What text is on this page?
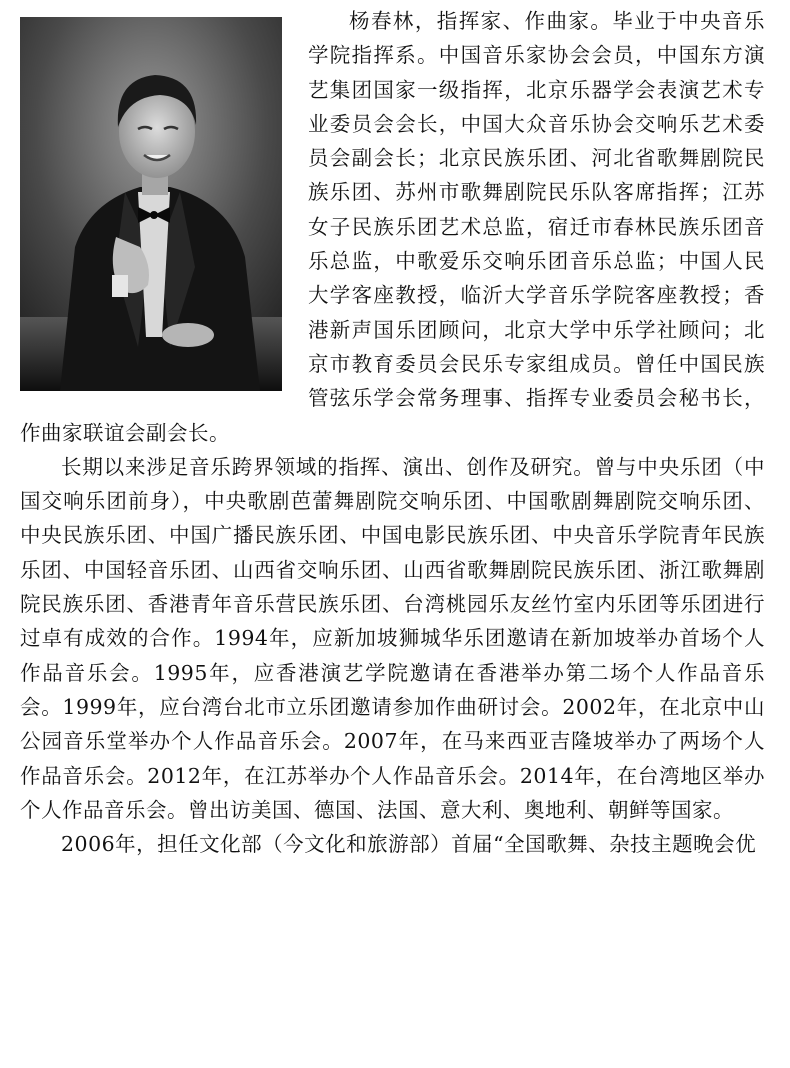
杨春林，指挥家、作曲家。毕业于中央音乐学院指挥系。中国音乐家协会会员，中国东方演艺集团国家一级指挥，北京乐器学会表演艺术专业委员会会长，中国大众音乐协会交响乐艺术委员会副会长；北京民族乐团、河北省歌舞剧院民族乐团、苏州市歌舞剧院民乐队客席指挥；江苏女子民族乐团艺术总监，宿迁市春林民族乐团音乐总监，中歌爱乐交响乐团音乐总监；中国人民大学客座教授，临沂大学音乐学院客座教授；香港新声国乐团顾问，北京大学中乐学社顾问；北京市教育委员会民乐专家组成员。曾任中国民族管弦乐学会常务理事、指挥专业委员会秘书长，作曲家联谊会副会长。

长期以来涉足音乐跨界领域的指挥、演出、创作及研究。曾与中央乐团（中国交响乐团前身），中央歌剧芭蕾舞剧院交响乐团、中国歌剧舞剧院交响乐团、中央民族乐团、中国广播民族乐团、中国电影民族乐团、中央音乐学院青年民族乐团、中国轻音乐团、山西省交响乐团、山西省歌舞剧院民族乐团、浙江歌舞剧院民族乐团、香港青年音乐营民族乐团、台湾桃园乐友丝竹室内乐团等乐团进行过卓有成效的合作。1994年，应新加坡狮城华乐团邀请在新加坡举办首场个人作品音乐会。1995年，应香港演艺学院邀请在香港举办第二场个人作品音乐会。1999年，应台湾台北市立乐团邀请参加作曲研讨会。2002年，在北京中山公园音乐堂举办个人作品音乐会。2007年，在马来西亚吉隆坡举办了两场个人作品音乐会。2012年，在江苏举办个人作品音乐会。2014年，在台湾地区举办个人作品音乐会。曾出访美国、德国、法国、意大利、奥地利、朝鲜等国家。

2006年，担任文化部（今文化和旅游部）首届“全国歌舞、杂技主题晚会优
